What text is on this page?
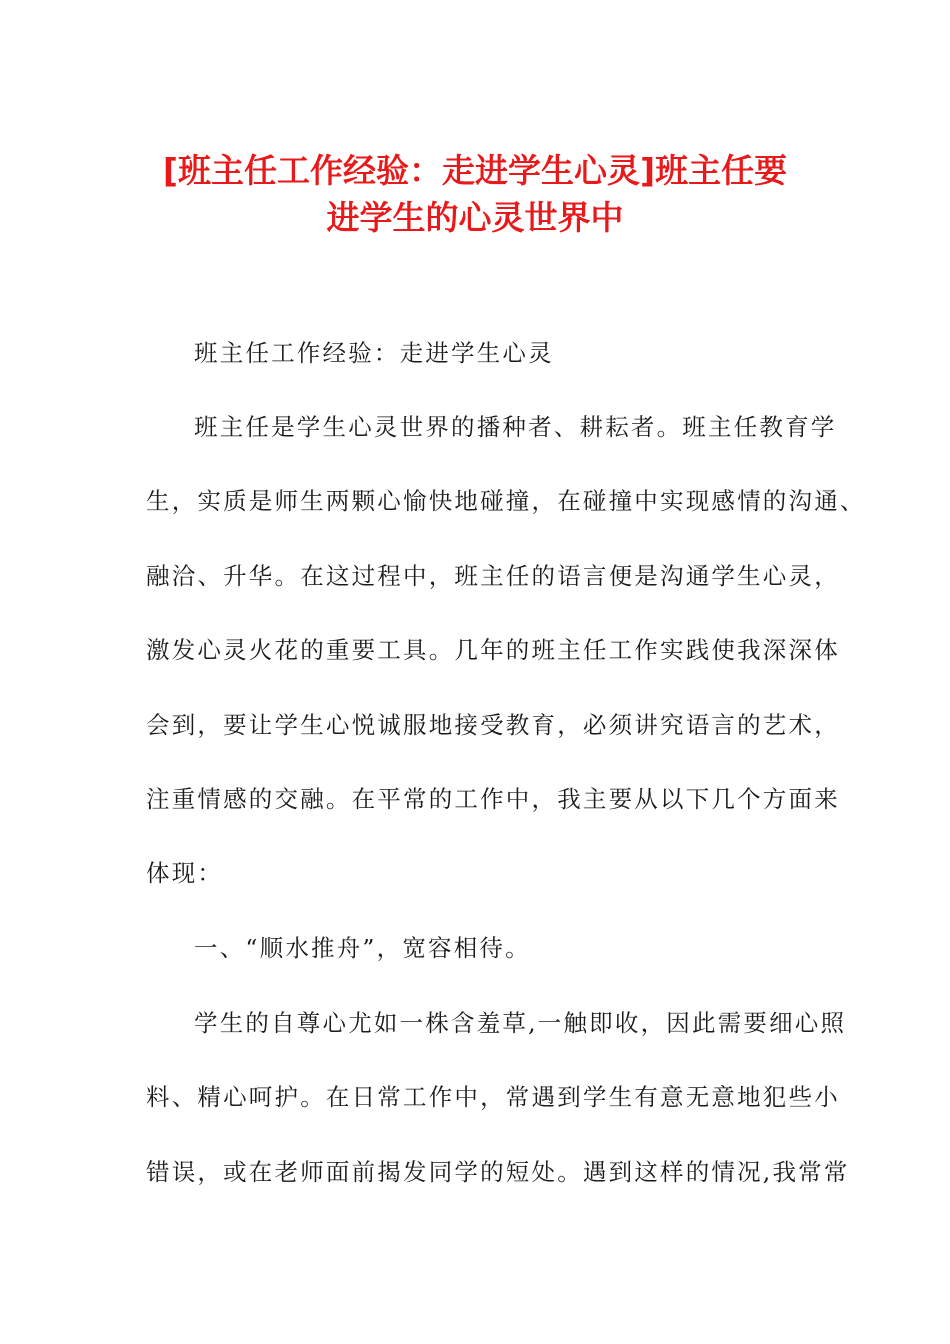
[班主任工作经验：走进学生心灵]班主任要
进学生的心灵世界中
班主任工作经验：走进学生心灵
班主任是学生心灵世界的播种者、耕耘者。班主任教育学
生，实质是师生两颗心愉快地碰撞，在碰撞中实现感情的沟通、
融洽、升华。在这过程中，班主任的语言便是沟通学生心灵，
激发心灵火花的重要工具。几年的班主任工作实践使我深深体
会到，要让学生心悦诚服地接受教育，必须讲究语言的艺术，
注重情感的交融。在平常的工作中，我主要从以下几个方面来
体现：
一、“顺水推舟”，宽容相待。
学生的自尊心尤如一株含羞草,一触即收，因此需要细心照
料、精心呵护。在日常工作中，常遇到学生有意无意地犯些小
错误，或在老师面前揭发同学的短处。遇到这样的情况,我常常
